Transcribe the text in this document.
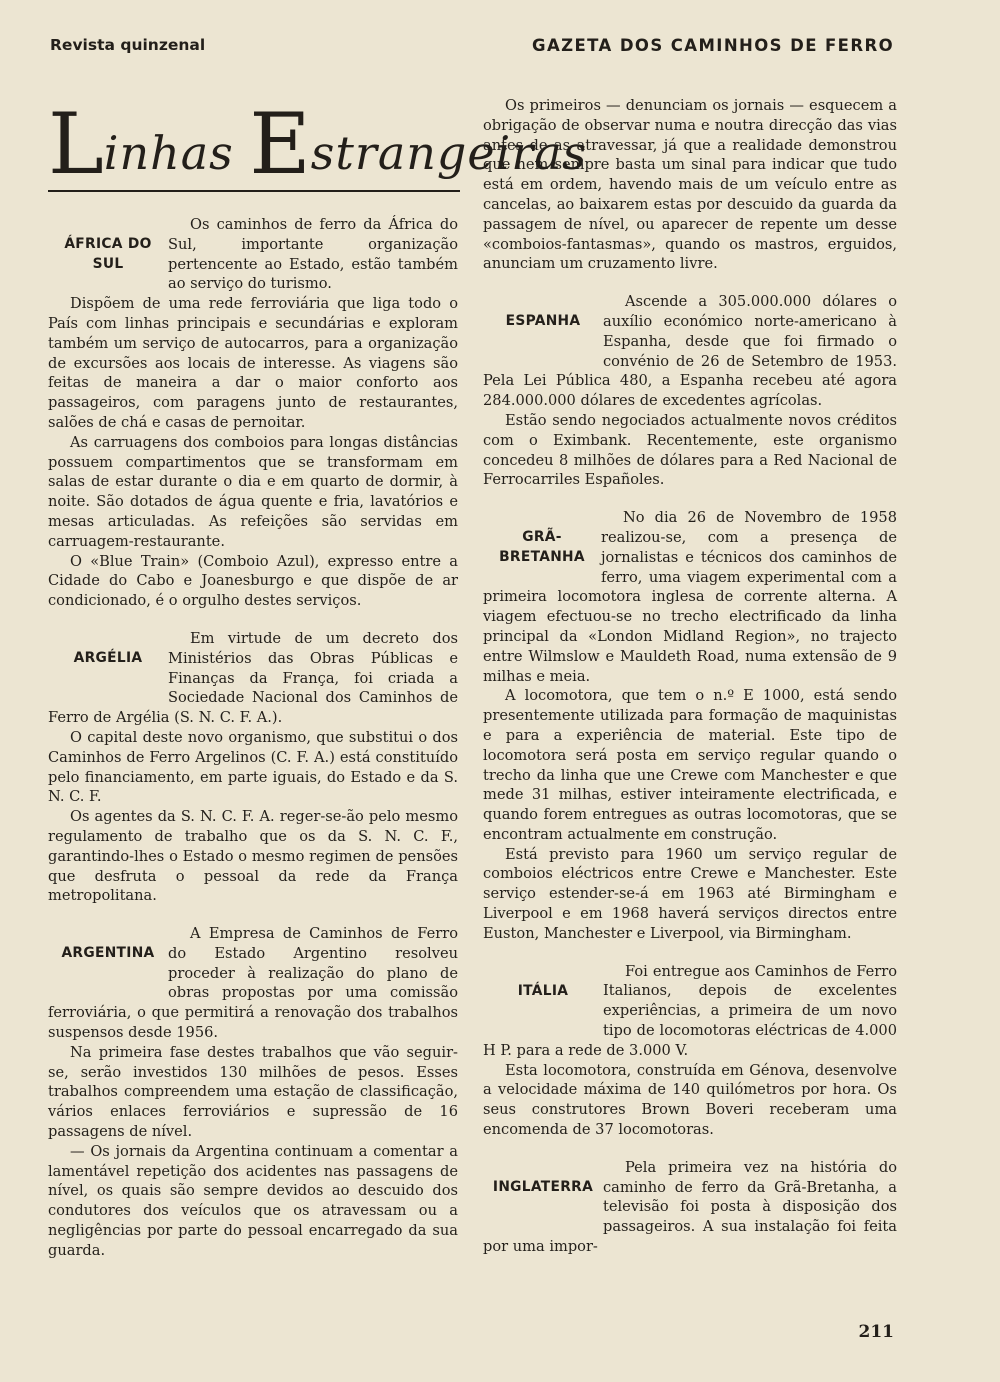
Revista quinzenal	GAZETA DOS CAMINHOS DE FERRO
Linhas Estrangeiras
ÁFRICA DO SUL

Os caminhos de ferro da África do Sul, importante organização pertencente ao Estado, estão também ao serviço do turismo.

Dispõem de uma rede ferroviária que liga todo o País com linhas principais e secundárias e exploram também um serviço de autocarros, para a organização de excursões aos locais de interesse. As viagens são feitas de maneira a dar o maior conforto aos passageiros, com paragens junto de restaurantes, salões de chá e casas de pernoitar.

As carruagens dos comboios para longas distâncias possuem compartimentos que se transformam em salas de estar durante o dia e em quarto de dormir, à noite. São dotados de água quente e fria, lavatórios e mesas articuladas. As refeições são servidas em carruagem-restaurante.

O «Blue Train» (Comboio Azul), expresso entre a Cidade do Cabo e Joanesburgo e que dispõe de ar condicionado, é o orgulho destes serviços.

ARGÉLIA

Em virtude de um decreto dos Ministérios das Obras Públicas e Finanças da França, foi criada a Sociedade Nacional dos Caminhos de Ferro de Argélia (S. N. C. F. A.).

O capital deste novo organismo, que substitui o dos Caminhos de Ferro Argelinos (C. F. A.) está constituído pelo financiamento, em parte iguais, do Estado e da S. N. C. F.

Os agentes da S. N. C. F. A. reger-se-ão pelo mesmo regulamento de trabalho que os da S. N. C. F., garantindo-lhes o Estado o mesmo regimen de pensões que desfruta o pessoal da rede da França metropolitana.

ARGENTINA

A Empresa de Caminhos de Ferro do Estado Argentino resolveu proceder à realização do plano de obras propostas por uma comissão ferroviária, o que permitirá a renovação dos trabalhos suspensos desde 1956.

Na primeira fase destes trabalhos que vão seguir-se, serão investidos 130 milhões de pesos. Esses trabalhos compreendem uma estação de classificação, vários enlaces ferroviários e supressão de 16 passagens de nível.

— Os jornais da Argentina continuam a comentar a lamentável repetição dos acidentes nas passagens de nível, os quais são sempre devidos ao descuido dos condutores dos veículos que os atravessam ou a negligências por parte do pessoal encarregado da sua guarda.

Os primeiros — denunciam os jornais — esquecem a obrigação de observar numa e noutra direcção das vias antes de as atravessar, já que a realidade demonstrou que nem sempre basta um sinal para indicar que tudo está em ordem, havendo mais de um veículo entre as cancelas, ao baixarem estas por descuido da guarda da passagem de nível, ou aparecer de repente um desse «comboios-fantasmas», quando os mastros, erguidos, anunciam um cruzamento livre.

ESPANHA

Ascende a 305.000.000 dólares o auxílio económico norte-americano à Espanha, desde que foi firmado o convénio de 26 de Setembro de 1953. Pela Lei Pública 480, a Espanha recebeu até agora 284.000.000 dólares de excedentes agrícolas.

Estão sendo negociados actualmente novos créditos com o Eximbank. Recentemente, este organismo concedeu 8 milhões de dólares para a Red Nacional de Ferrocarriles Españoles.

GRÃ-BRETANHA

No dia 26 de Novembro de 1958 realizou-se, com a presença de jornalistas e técnicos dos caminhos de ferro, uma viagem experimental com a primeira locomotora inglesa de corrente alterna. A viagem efectuou-se no trecho electrificado da linha principal da «London Midland Region», no trajecto entre Wilmslow e Mauldeth Road, numa extensão de 9 milhas e meia.

A locomotora, que tem o n.º E 1000, está sendo presentemente utilizada para formação de maquinistas e para a experiência de material. Este tipo de locomotora será posta em serviço regular quando o trecho da linha que une Crewe com Manchester e que mede 31 milhas, estiver inteiramente electrificada, e quando forem entregues as outras locomotoras, que se encontram actualmente em construção.

Está previsto para 1960 um serviço regular de comboios eléctricos entre Crewe e Manchester. Este serviço estender-se-á em 1963 até Birmingham e Liverpool e em 1968 haverá serviços directos entre Euston, Manchester e Liverpool, via Birmingham.

ITÁLIA

Foi entregue aos Caminhos de Ferro Italianos, depois de excelentes experiências, a primeira de um novo tipo de locomotoras eléctricas de 4.000 H P. para a rede de 3.000 V.

Esta locomotora, construída em Génova, desenvolve a velocidade máxima de 140 quilómetros por hora. Os seus construtores Brown Boveri receberam uma encomenda de 37 locomotoras.

INGLATERRA

Pela primeira vez na história do caminho de ferro da Grã-Bretanha, a televisão foi posta à disposição dos passageiros. A sua instalação foi feita por uma impor-

211
